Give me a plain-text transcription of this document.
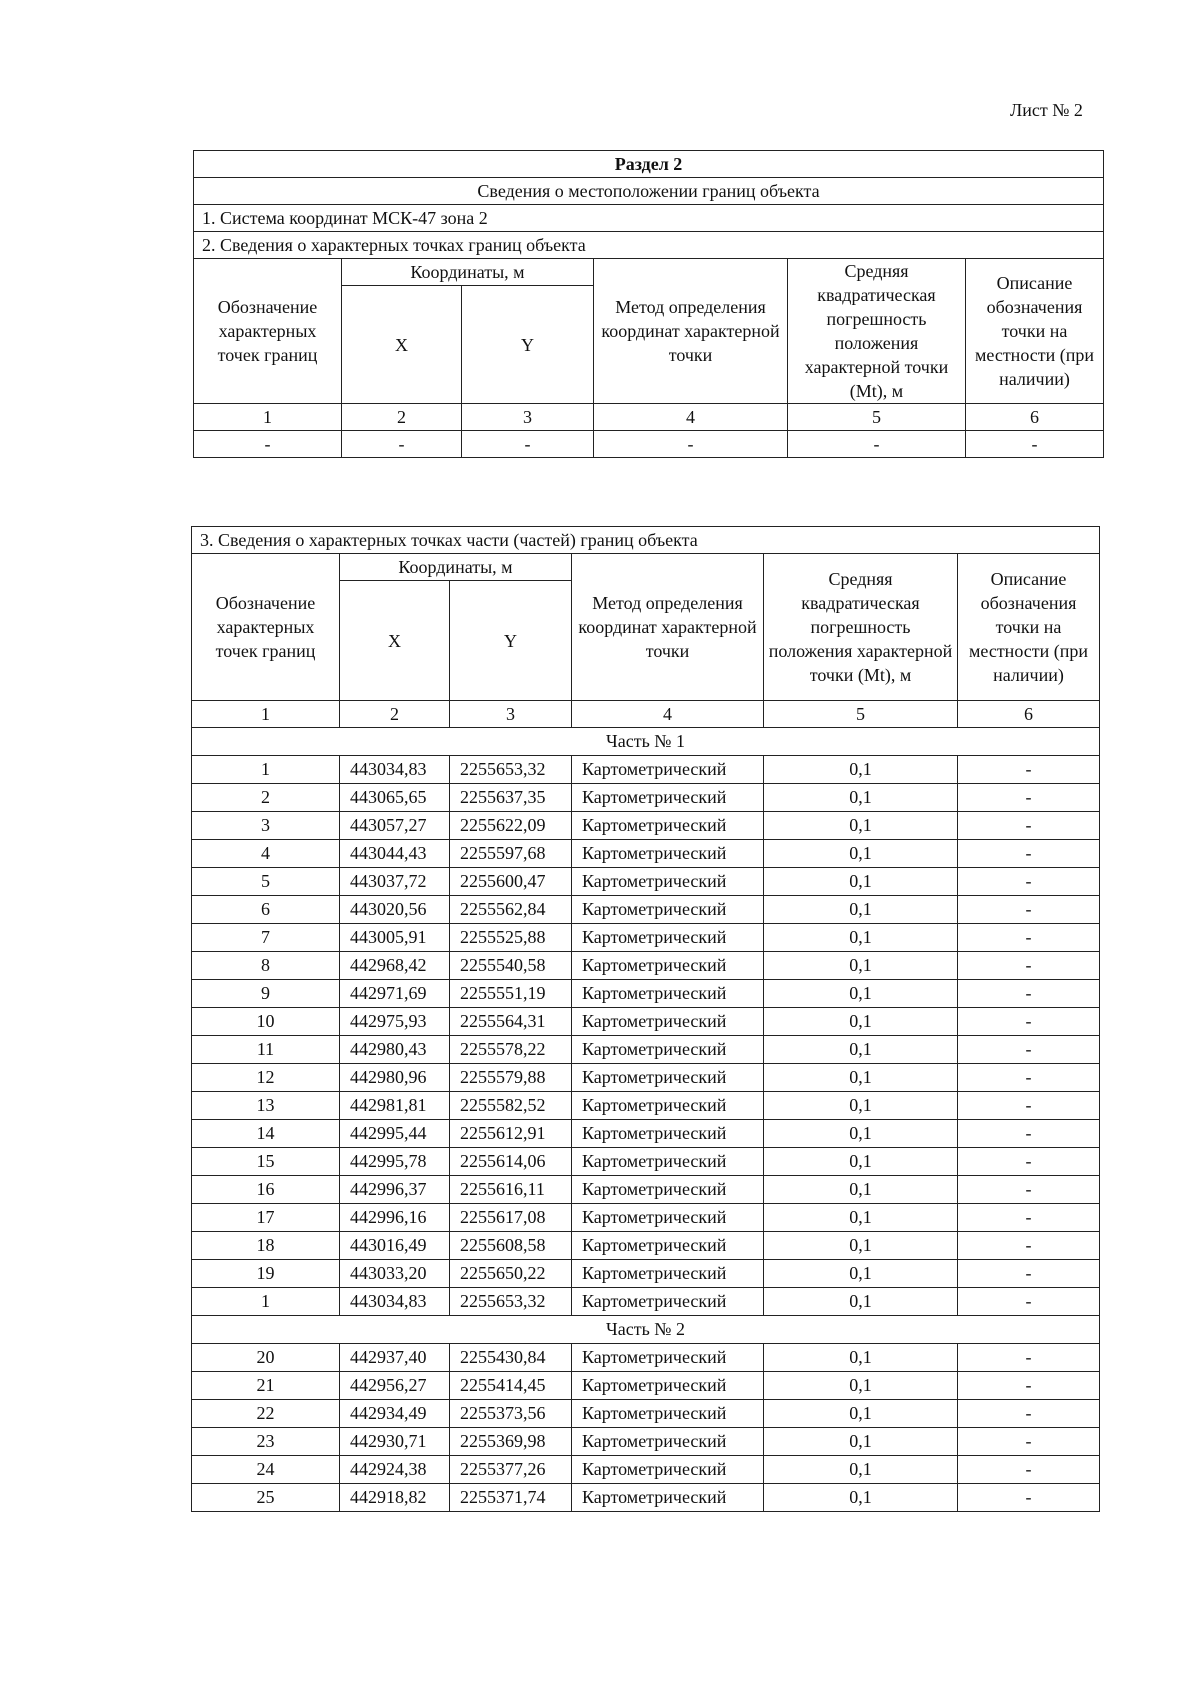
Лист № 2
Раздел 2					
Сведения о местоположении границ объекта					
1. Система координат МСК-47 зона 2					
2. Сведения о характерных точках границ объекта					
Обозначение характерных точек границ	Координаты, м		Метод определения координат характерной точки	Средняя квадратическая погрешность положения характерной точки (Mt), м	Описание обозначения точки на местности (при наличии)
	X	Y			
1	2	3	4	5	6
-	-	-	-	-	-
3. Сведения о характерных точках части (частей) границ объекта					
Обозначение характерных точек границ	Координаты, м		Метод определения координат характерной точки	Средняя квадратическая погрешность положения характерной точки (Mt), м	Описание обозначения точки на местности (при наличии)
	X	Y			
1	2	3	4	5	6
Часть № 1					
1	443034,83	2255653,32	Картометрический	0,1	-
2	443065,65	2255637,35	Картометрический	0,1	-
3	443057,27	2255622,09	Картометрический	0,1	-
4	443044,43	2255597,68	Картометрический	0,1	-
5	443037,72	2255600,47	Картометрический	0,1	-
6	443020,56	2255562,84	Картометрический	0,1	-
7	443005,91	2255525,88	Картометрический	0,1	-
8	442968,42	2255540,58	Картометрический	0,1	-
9	442971,69	2255551,19	Картометрический	0,1	-
10	442975,93	2255564,31	Картометрический	0,1	-
11	442980,43	2255578,22	Картометрический	0,1	-
12	442980,96	2255579,88	Картометрический	0,1	-
13	442981,81	2255582,52	Картометрический	0,1	-
14	442995,44	2255612,91	Картометрический	0,1	-
15	442995,78	2255614,06	Картометрический	0,1	-
16	442996,37	2255616,11	Картометрический	0,1	-
17	442996,16	2255617,08	Картометрический	0,1	-
18	443016,49	2255608,58	Картометрический	0,1	-
19	443033,20	2255650,22	Картометрический	0,1	-
1	443034,83	2255653,32	Картометрический	0,1	-
Часть № 2					
20	442937,40	2255430,84	Картометрический	0,1	-
21	442956,27	2255414,45	Картометрический	0,1	-
22	442934,49	2255373,56	Картометрический	0,1	-
23	442930,71	2255369,98	Картометрический	0,1	-
24	442924,38	2255377,26	Картометрический	0,1	-
25	442918,82	2255371,74	Картометрический	0,1	-
